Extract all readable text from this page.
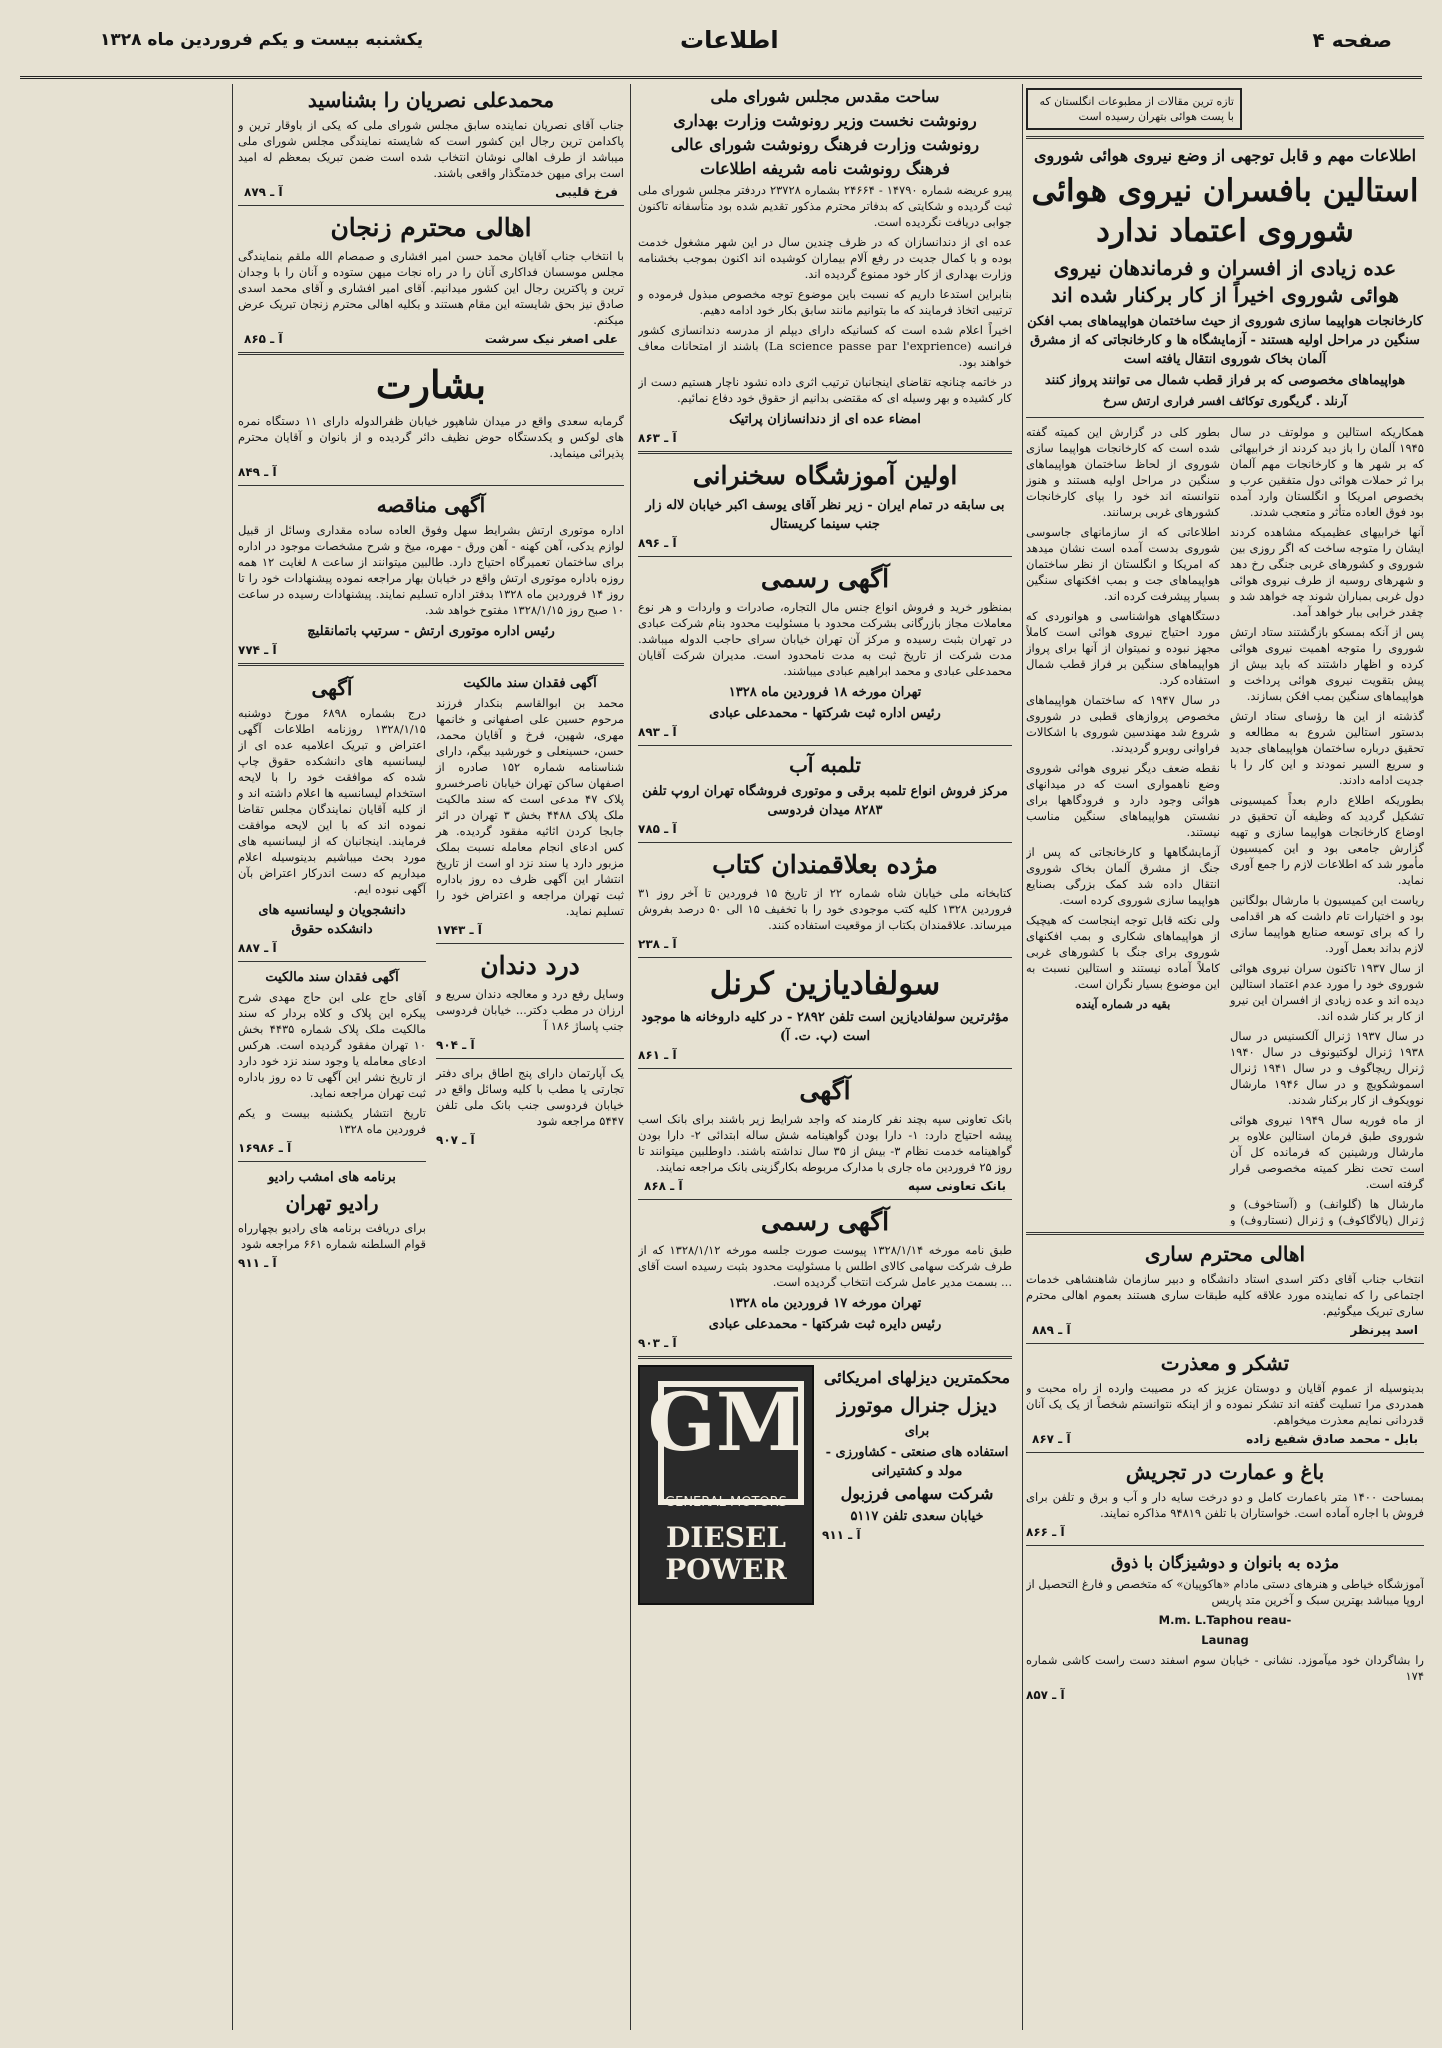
صفحه ۴
اطلاعات
یکشنبه بیست و یکم فروردین ماه ۱۳۲۸
تازه ترین مقالات از مطبوعات انگلستان که با پست هوائی بتهران رسیده است
اطلاعات مهم و قابل توجهی از وضع نیروی هوائی شوروی
استالین بافسران نیروی هوائی شوروی اعتماد ندارد
عده زیادی از افسران و فرماندهان نیروی هوائی شوروی اخیراً از کار برکنار شده اند
کارخانجات هواپیما سازی شوروی از حیث ساختمان هواپیماهای بمب افکن سنگین در مراحل اولیه هستند - آزمایشگاه ها و کارخانجاتی که از مشرق آلمان بخاک شوروی انتقال یافته است
هواپیماهای مخصوصی که بر فراز قطب شمال می توانند پرواز کنند
آرنلد . گریگوری توکائف افسر فراری ارتش سرخ

همکاریکه استالین و مولوتف در سال ۱۹۴۵ آلمان را باز دید کردند از خرابیهائی که بر شهر ها و کارخانجات مهم آلمان برا ثر حملات هوائی دول متفقین عرب و بخصوص امریکا و انگلستان وارد آمده بود فوق العاده متأثر و متعجب شدند.

آنها خرابیهای عظیمیکه مشاهده کردند ایشان را متوجه ساخت که اگر روزی بین شوروی و کشورهای غربی جنگی رخ دهد و شهرهای روسیه از طرف نیروی هوائی دول غربی بمباران شوند چه خواهد شد و چقدر خرابی ببار خواهد آمد.

پس از آنکه بمسکو بازگشتند ستاد ارتش شوروی را متوجه اهمیت نیروی هوائی کرده و اظهار داشتند که باید بیش از پیش بتقویت نیروی هوائی پرداخت و هواپیماهای سنگین بمب افکن بسازند.

گذشته از این ها رؤسای ستاد ارتش بدستور استالین شروع به مطالعه و تحقیق درباره ساختمان هواپیماهای جدید و سریع السیر نمودند و این کار را با جدیت ادامه دادند.

بطوریکه اطلاع دارم بعداً کمیسیونی تشکیل گردید که وظیفه آن تحقیق در اوضاع کارخانجات هواپیما سازی و تهیه گزارش جامعی بود و این کمیسیون مأمور شد که اطلاعات لازم را جمع آوری نماید.

ریاست این کمیسیون با مارشال بولگانین بود و اختیارات تام داشت که هر اقدامی را که برای توسعه صنایع هواپیما سازی لازم بداند بعمل آورد.

از سال ۱۹۳۷ تاکنون سران نیروی هوائی شوروی خود را مورد عدم اعتماد استالین دیده اند و عده زیادی از افسران این نیرو از کار بر کنار شده اند.

در سال ۱۹۳۷ ژنرال آلکسنیس در سال ۱۹۳۸ ژنرال لوکتیونوف در سال ۱۹۴۰ ژنرال ریچاگوف و در سال ۱۹۴۱ ژنرال اسموشکویچ و در سال ۱۹۴۶ مارشال نوویکوف از کار برکنار شدند.

از ماه فوریه سال ۱۹۴۹ نیروی هوائی شوروی طبق فرمان استالین علاوه بر مارشال ورشینین که فرمانده کل آن است تحت نظر کمیته مخصوصی قرار گرفته است.

مارشال ها (گلوانف) و (آستاخوف) و ژنرال (پالاگاکوف) و ژنرال (نستاروف) و

بطور کلی در گزارش این کمیته گفته شده است که کارخانجات هواپیما سازی شوروی از لحاظ ساختمان هواپیماهای سنگین در مراحل اولیه هستند و هنوز نتوانسته اند خود را بپای کارخانجات کشورهای غربی برسانند.

اطلاعاتی که از سازمانهای جاسوسی شوروی بدست آمده است نشان میدهد که امریکا و انگلستان از نظر ساختمان هواپیماهای جت و بمب افکنهای سنگین بسیار پیشرفت کرده اند.

دستگاههای هواشناسی و هوانوردی که مورد احتیاج نیروی هوائی است کاملاً مجهز نبوده و نمیتوان از آنها برای پرواز هواپیماهای سنگین بر فراز قطب شمال استفاده کرد.

در سال ۱۹۴۷ که ساختمان هواپیماهای مخصوص پروازهای قطبی در شوروی شروع شد مهندسین شوروی با اشکالات فراوانی روبرو گردیدند.

نقطه ضعف دیگر نیروی هوائی شوروی وضع ناهمواری است که در میدانهای هوائی وجود دارد و فرودگاهها برای نشستن هواپیماهای سنگین مناسب نیستند.

آزمایشگاهها و کارخانجاتی که پس از جنگ از مشرق آلمان بخاک شوروی انتقال داده شد کمک بزرگی بصنایع هواپیما سازی شوروی کرده است.

ولی نکته قابل توجه اینجاست که هیچیک از هواپیماهای شکاری و بمب افکنهای شوروی برای جنگ با کشورهای غربی کاملاً آماده نیستند و استالین نسبت به این موضوع بسیار نگران است.

بقیه در شماره آینده

اهالی محترم ساری

انتخاب جناب آقای دکتر اسدی استاد دانشگاه و دبیر سازمان شاهنشاهی خدمات اجتماعی را که نماینده مورد علاقه کلیه طبقات ساری هستند بعموم اهالی محترم ساری تبریک میگوئیم.

اسد پیرنظر
آ ـ ۸۸۹
تشکر و معذرت

بدینوسیله از عموم آقایان و دوستان عزیز که در مصیبت وارده از راه محبت و همدردی مرا تسلیت گفته اند تشکر نموده و از اینکه نتوانستم شخصاً از یک یک آنان قدردانی نمایم معذرت میخواهم.

بابل - محمد صادق شفیع زاده
آ ـ ۸۶۷
باغ و عمارت در تجریش

بمساحت ۱۴۰۰ متر باعمارت کامل و دو درخت سایه دار و آب و برق و تلفن برای فروش با اجاره آماده است. خواستاران با تلفن ۹۴۸۱۹ مذاکره نمایند.

آ ـ ۸۶۶
مژده به بانوان و دوشیزگان با ذوق

آموزشگاه خیاطی و هنرهای دستی مادام «هاکوپیان» که متخصص و فارغ التحصیل از اروپا میباشد بهترین سبک و آخرین متد پاریس

M.m. L.Taphou reau-

Launag

را بشاگردان خود میآموزد. نشانی - خیابان سوم اسفند دست راست کاشی شماره ۱۷۴

آ ـ ۸۵۷
ساحت مقدس مجلس شورای ملی
رونوشت نخست وزیر رونوشت وزارت بهداری
رونوشت وزارت فرهنگ رونوشت شورای عالی
فرهنگ رونوشت نامه شریفه اطلاعات

پیرو عریضه شماره ۱۴۷۹۰ - ۲۴۶۶۴ بشماره ۲۳۷۲۸ دردفتر مجلس شورای ملی ثبت گردیده و شکایتی که بدفاتر محترم مذکور تقدیم شده بود متأسفانه تاکنون جوابی دریافت نگردیده است.

عده ای از دندانسازان که در ظرف چندین سال در این شهر مشغول خدمت بوده و با کمال جدیت در رفع آلام بیماران کوشیده اند اکنون بموجب بخشنامه وزارت بهداری از کار خود ممنوع گردیده اند.

بنابراین استدعا داریم که نسبت باین موضوع توجه مخصوص مبذول فرموده و ترتیبی اتخاذ فرمایند که ما بتوانیم مانند سابق بکار خود ادامه دهیم.

اخیراً اعلام شده است که کسانیکه دارای دیپلم از مدرسه دندانسازی کشور فرانسه (La science passe par l'exprience) باشند از امتحانات معاف خواهند بود.

در خاتمه چنانچه تقاضای اینجانبان ترتیب اثری داده نشود ناچار هستیم دست از کار کشیده و بهر وسیله ای که مقتضی بدانیم از حقوق خود دفاع نمائیم.

امضاء عده ای از دندانسازان پراتیک
آ ـ ۸۶۳
اولین آموزشگاه سخنرانی
بی سابقه در تمام ایران - زیر نظر آقای یوسف اکبر خیابان لاله زار جنب سینما کریستال
آ ـ ۸۹۶
آگهی رسمی

بمنظور خرید و فروش انواع جنس مال التجاره، صادرات و واردات و هر نوع معاملات مجاز بازرگانی بشرکت محدود با مسئولیت محدود بنام شرکت عبادی در تهران بثبت رسیده و مرکز آن تهران خیابان سرای حاجب الدوله میباشد. مدت شرکت از تاریخ ثبت به مدت نامحدود است. مدیران شرکت آقایان محمدعلی عبادی و محمد ابراهیم عبادی میباشند.

تهران مورخه ۱۸ فروردین ماه ۱۳۲۸
رئیس اداره ثبت شرکتها - محمدعلی عبادی
آ ـ ۸۹۳
تلمبه آب
مرکز فروش انواع تلمبه برقی و موتوری فروشگاه تهران اروپ تلفن ۸۲۸۳ میدان فردوسی
آ ـ ۷۸۵
مژده بعلاقمندان کتاب

کتابخانه ملی خیابان شاه شماره ۲۲ از تاریخ ۱۵ فروردین تا آخر روز ۳۱ فروردین ۱۳۲۸ کلیه کتب موجودی خود را با تخفیف ۱۵ الی ۵۰ درصد بفروش میرساند. علاقمندان بکتاب از موقعیت استفاده کنند.

آ ـ ۲۳۸
سولفادیازین کرنل
مؤثرترین سولفادیازین است تلفن ۲۸۹۲ - در کلیه داروخانه ها موجود است (پ. ت. آ)
آ ـ ۸۶۱
آگهی

بانک تعاونی سپه بچند نفر کارمند که واجد شرایط زیر باشند برای بانک اسب پیشه احتیاج دارد: ۱- دارا بودن گواهینامه شش ساله ابتدائی ۲- دارا بودن گواهینامه خدمت نظام ۳- بیش از ۳۵ سال نداشته باشند. داوطلبین میتوانند تا روز ۲۵ فروردین ماه جاری با مدارک مربوطه بکارگزینی بانک مراجعه نمایند.

بانک تعاونی سپه
آ ـ ۸۶۸
آگهی رسمی

طبق نامه مورخه ۱۳۲۸/۱/۱۴ پیوست صورت جلسه مورخه ۱۳۲۸/۱/۱۲ که از طرف شرکت سهامی کالای اطلس با مسئولیت محدود بثبت رسیده است آقای ... بسمت مدیر عامل شرکت انتخاب گردیده است.

تهران مورخه ۱۷ فروردین ماه ۱۳۲۸
رئیس دایره ثبت شرکتها - محمدعلی عبادی
آ ـ ۹۰۳
محکمترین دیزلهای امریکائی
دیزل جنرال موتورز
برای
استفاده های صنعتی - کشاورزی - مولد و کشتیرانی
شرکت سهامی فرزبول
خیابان سعدی تلفن ۵۱۱۷
آ ـ ۹۱۱
GM
GENERAL MOTORS
DIESEL
POWER
محمدعلی نصریان را بشناسید

جناب آقای نصریان نماینده سابق مجلس شورای ملی که یکی از باوقار ترین و پاکدامن ترین رجال این کشور است که شایسته نمایندگی مجلس شورای ملی میباشد از طرف اهالی نوشان انتخاب شده است ضمن تبریک بمعظم له امید است برای میهن خدمتگذار واقعی باشند.

فرخ قلیبی
آ ـ ۸۷۹
اهالی محترم زنجان

با انتخاب جناب آقایان محمد حسن امیر افشاری و صمصام الله ملقم بنمایندگی مجلس موسسان فداکاری آنان را در راه نجات میهن ستوده و آنان را با وجدان ترین و پاکترین رجال این کشور میدانیم. آقای امیر افشاری و آقای محمد اسدی صادق نیز بحق شایسته این مقام هستند و بکلیه اهالی محترم زنجان تبریک عرض میکنم.

علی اصغر نیک سرشت
آ ـ ۸۶۵
بشارت

گرمابه سعدی واقع در میدان شاهپور خیابان ظفرالدوله دارای ۱۱ دستگاه نمره های لوکس و یکدستگاه حوض نظیف دائر گردیده و از بانوان و آقایان محترم پذیرائی مینماید.

آ ـ ۸۴۹
آگهی مناقصه

اداره موتوری ارتش بشرایط سهل وفوق العاده ساده مقداری وسائل از قبیل لوازم یدکی، آهن کهنه - آهن ورق - مهره، میخ و شرح مشخصات موجود در اداره برای ساختمان تعمیرگاه احتیاج دارد. طالبین میتوانند از ساعت ۸ لغایت ۱۲ همه روزه باداره موتوری ارتش واقع در خیابان بهار مراجعه نموده پیشنهادات خود را تا روز ۱۴ فروردین ماه ۱۳۲۸ بدفتر اداره تسلیم نمایند. پیشنهادات رسیده در ساعت ۱۰ صبح روز ۱۳۲۸/۱/۱۵ مفتوح خواهد شد.

رئیس اداره موتوری ارتش - سرتیپ باتمانقلیچ
آ ـ ۷۷۴
آگهی فقدان سند مالکیت

محمد بن ابوالقاسم بنکدار فرزند مرحوم حسین علی اصفهانی و خانمها مهری، شهین، فرخ و آقایان محمد، حسن، حسینعلی و خورشید بیگم، دارای شناسنامه شماره ۱۵۲ صادره از اصفهان ساکن تهران خیابان ناصرخسرو پلاک ۴۷ مدعی است که سند مالکیت ملک پلاک ۴۴۸۸ بخش ۳ تهران در اثر جابجا کردن اثاثیه مفقود گردیده. هر کس ادعای انجام معامله نسبت بملک مزبور دارد یا سند نزد او است از تاریخ انتشار این آگهی ظرف ده روز باداره ثبت تهران مراجعه و اعتراض خود را تسلیم نماید.

آ ـ ۱۷۴۳
درد دندان

وسایل رفع درد و معالجه دندان سریع و ارزان در مطب دکتر... خیابان فردوسی جنب پاساژ ۱۸۶ آ

آ ـ ۹۰۴

یک آپارتمان دارای پنج اطاق برای دفتر تجارتی یا مطب با کلیه وسائل واقع در خیابان فردوسی جنب بانک ملی تلفن ۵۴۴۷ مراجعه شود

آ ـ ۹۰۷
آگهی

درج بشماره ۶۸۹۸ مورخ دوشنبه ۱۳۲۸/۱/۱۵ روزنامه اطلاعات آگهی اعتراض و تبریک اعلامیه عده ای از لیسانسیه های دانشکده حقوق چاپ شده که موافقت خود را با لایحه استخدام لیسانسیه ها اعلام داشته اند و از کلیه آقایان نمایندگان مجلس تقاضا نموده اند که با این لایحه موافقت فرمایند. اینجانبان که از لیسانسیه های مورد بحث میباشیم بدینوسیله اعلام میداریم که دست اندرکار اعتراض بآن آگهی نبوده ایم.

دانشجویان و لیسانسیه های دانشکده حقوق
آ ـ ۸۸۷
آگهی فقدان سند مالکیت

آقای حاج علی ابن حاج مهدی شرح پیکره این پلاک و کلاه بردار که سند مالکیت ملک پلاک شماره ۴۴۳۵ بخش ۱۰ تهران مفقود گردیده است. هرکس ادعای معامله یا وجود سند نزد خود دارد از تاریخ نشر این آگهی تا ده روز باداره ثبت تهران مراجعه نماید.

تاریخ انتشار یکشنبه بیست و یکم فروردین ماه ۱۳۲۸

آ ـ ۱۶۹۸۶
برنامه های امشب رادیو
رادیو تهران

برای دریافت برنامه های رادیو بچهارراه قوام السلطنه شماره ۶۶۱ مراجعه شود

آ ـ ۹۱۱
